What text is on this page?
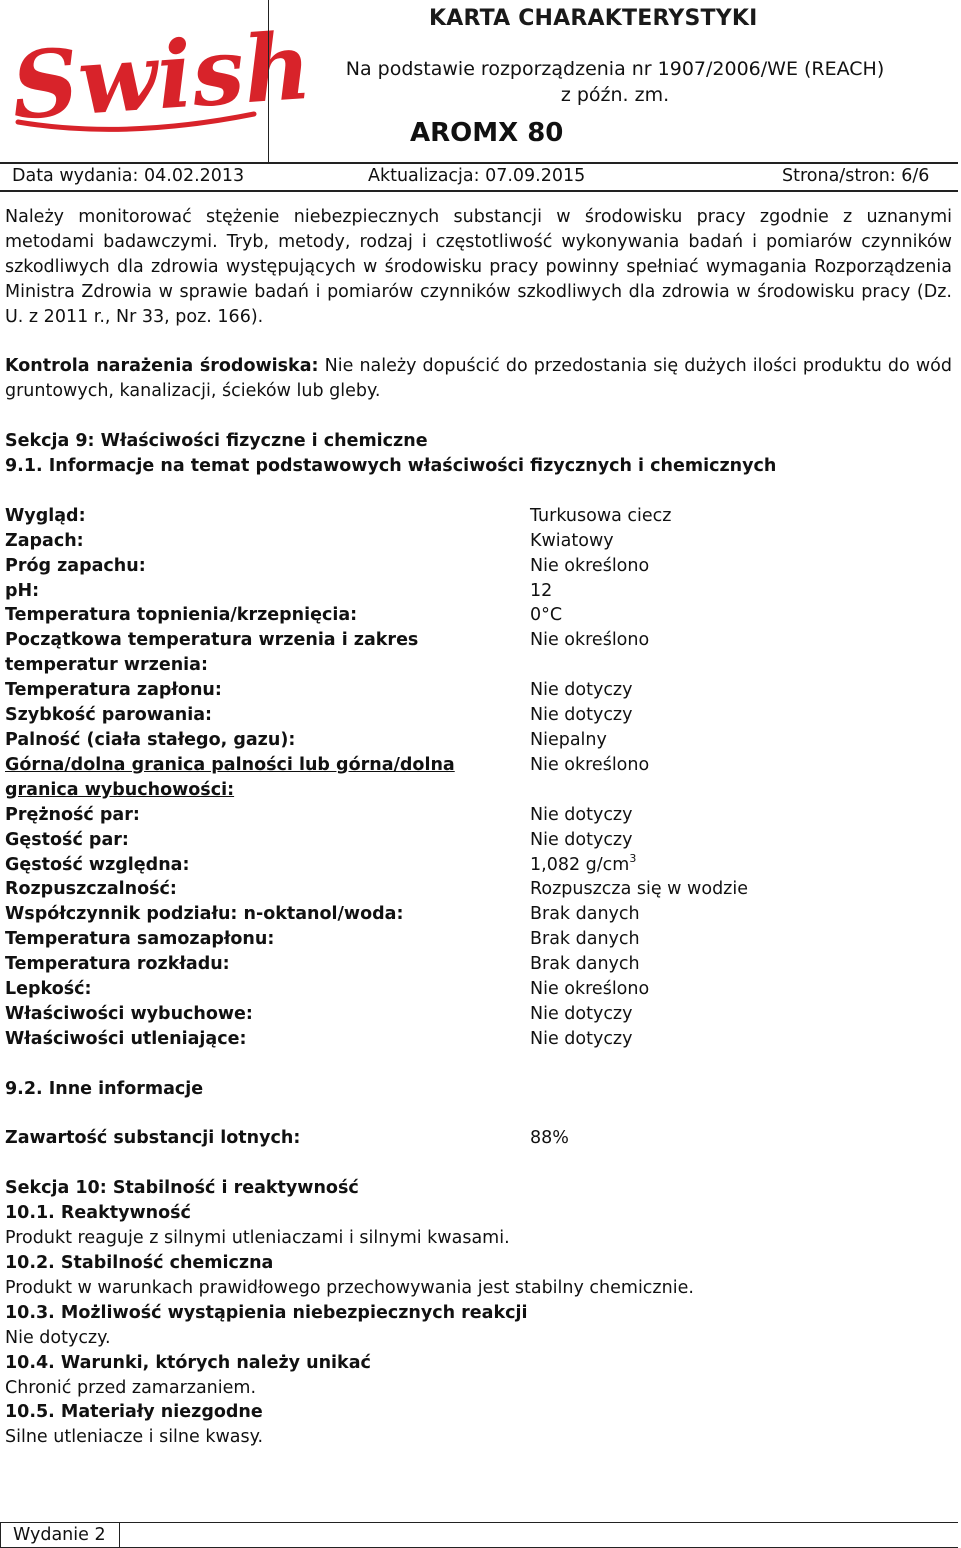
Swish	KARTA CHARAKTERYSTYKI
Na podstawie rozporządzenia nr 1907/2006/WE (REACH)
z późn. zm.
AROMX 80
Data wydania: 04.02.2013	Aktualizacja: 07.09.2015	Strona/stron: 6/6

Należy monitorować stężenie niebezpiecznych substancji w środowisku pracy zgodnie z uznanymi metodami badawczymi. Tryb, metody, rodzaj i częstotliwość wykonywania badań i pomiarów czynników szkodliwych dla zdrowia występujących w środowisku pracy powinny spełniać wymagania Rozporządzenia Ministra Zdrowia w sprawie badań i pomiarów czynników szkodliwych dla zdrowia w środowisku pracy (Dz. U. z 2011 r., Nr 33, poz. 166).

Kontrola narażenia środowiska: Nie należy dopuścić do przedostania się dużych ilości produktu do wód gruntowych, kanalizacji, ścieków lub gleby.

Sekcja 9: Właściwości fizyczne i chemiczne

9.1. Informacje na temat podstawowych właściwości fizycznych i chemicznych

Wygląd:	Turkusowa ciecz
Zapach:	Kwiatowy
Próg zapachu:	Nie określono
pH:	12
Temperatura topnienia/krzepnięcia:	0°C
Początkowa temperatura wrzenia i zakres temperatur wrzenia:
Nie określono
Temperatura zapłonu:	Nie dotyczy
Szybkość parowania:	Nie dotyczy
Palność (ciała stałego, gazu):	Niepalny
Górna/dolna granica palności lub górna/dolna granica wybuchowości:
Nie określono
Prężność par:	Nie dotyczy
Gęstość par:	Nie dotyczy
Gęstość względna:	1,082 $g/cm^3$
Rozpuszczalność:	Rozpuszcza się w wodzie
Współczynnik podziału: n-oktanol/woda:	Brak danych
Temperatura samozapłonu:	Brak danych
Temperatura rozkładu:	Brak danych
Lepkość:	Nie określono
Właściwości wybuchowe:	Nie dotyczy
Właściwości utleniające:	Nie dotyczy

9.2. Inne informacje

Zawartość substancji lotnych:	88%

Sekcja 10: Stabilność i reaktywność

10.1. Reaktywność

Produkt reaguje z silnymi utleniaczami i silnymi kwasami.

10.2. Stabilność chemiczna

Produkt w warunkach prawidłowego przechowywania jest stabilny chemicznie.

10.3. Możliwość wystąpienia niebezpiecznych reakcji

Nie dotyczy.

10.4. Warunki, których należy unikać

Chronić przed zamarzaniem.

10.5. Materiały niezgodne

Silne utleniacze i silne kwasy.

Wydanie 2
